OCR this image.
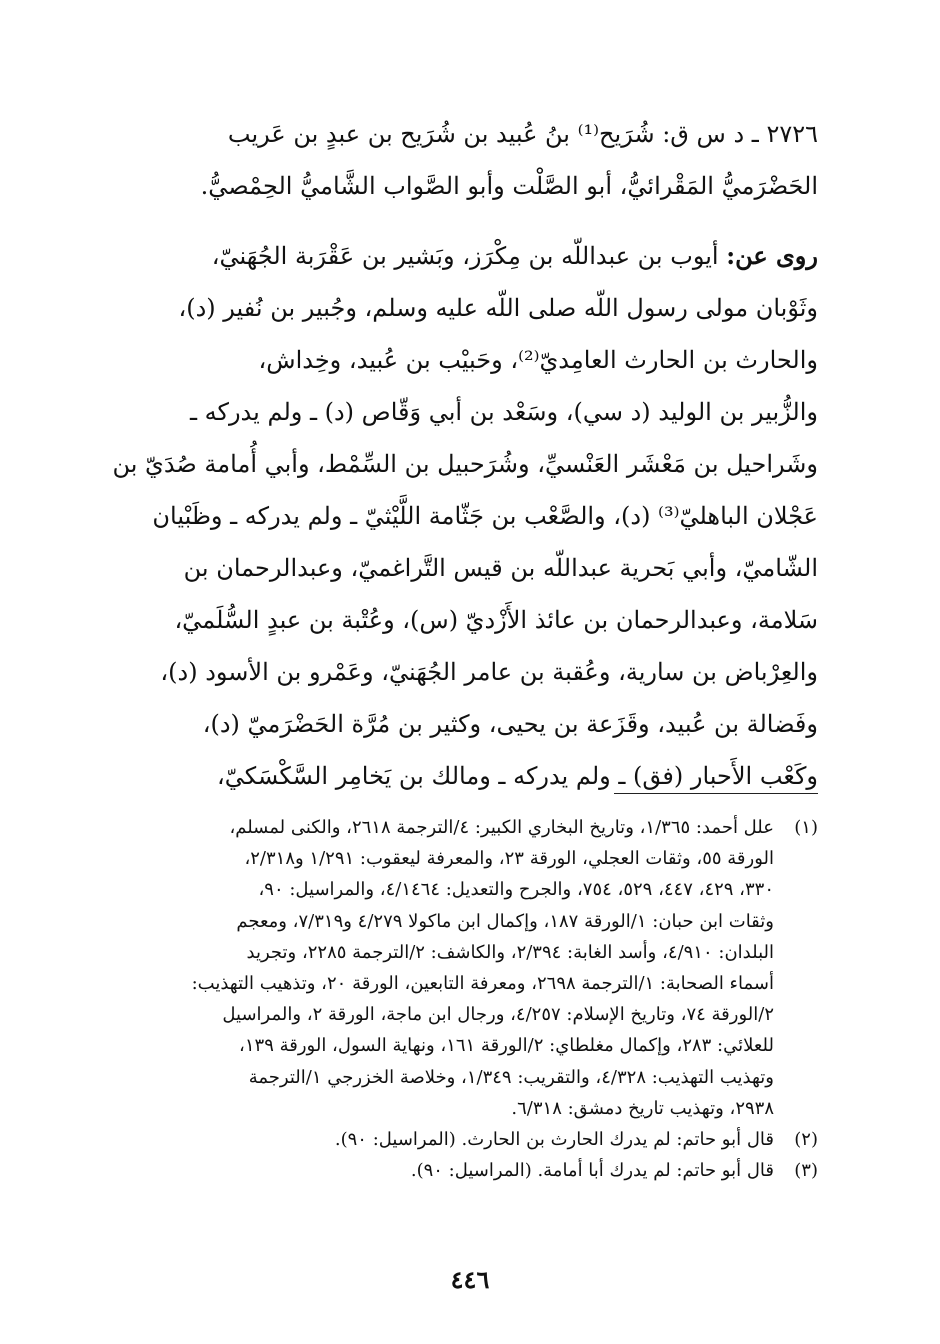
٢٧٢٦ ـ د س ق: شُرَيح⁽¹⁾ بنُ عُبيد بن شُرَيح بن عبدٍ بن عَريب
الحَضْرَميُّ المَقْرائيُّ، أبو الصَّلْت وأبو الصَّواب الشَّاميُّ الحِمْصيُّ.
روى عن: أيوب بن عبداللّه بن مِكْرَز، وبَشير بن عَقْرَبة الجُهَنيّ،
وثَوْبان مولى رسول اللّه صلى اللّه عليه وسلم، وجُبير بن نُفير (د)،
والحارث بن الحارث العامِديّ⁽²⁾، وحَبيْب بن عُبيد، وخِداش،
والزُّبير بن الوليد (د سي)، وسَعْد بن أبي وَقّاص (د) ـ ولم يدركه ـ
وشَراحيل بن مَعْشَر العَنْسيِّ، وشُرَحبيل بن السِّمْط، وأبي أُمامة صُدَيّ بن
عَجْلان الباهليّ⁽³⁾ (د)، والصَّعْب بن جَثّامة اللَّيْثيّ ـ ولم يدركه ـ وظَبْيان
الشّاميّ، وأبي بَحرية عبداللّه بن قيس التَّراغميّ، وعبدالرحمان بن
سَلامة، وعبدالرحمان بن عائذ الأَزْديّ (س)، وعُتْبة بن عبدٍ السُّلَميّ،
والعِرْباض بن سارية، وعُقبة بن عامر الجُهَنيّ، وعَمْرو بن الأسود (د)،
وفَضالة بن عُبيد، وقَزَعة بن يحيى، وكثير بن مُرَّة الحَضْرَميّ (د)،
وكَعْب الأَحبار (فق) ـ ولم يدركه ـ ومالك بن يَخامِر السَّكْسَكيّ،
(١)علل أحمد: ١/٣٦٥، وتاريخ البخاري الكبير: ٤/الترجمة ٢٦١٨، والكنى لمسلم،
الورقة ٥٥، وثقات العجلي، الورقة ٢٣، والمعرفة ليعقوب: ١/٢٩١ و٢/٣١٨،
٣٣٠، ٤٢٩، ٤٤٧، ٥٢٩، ٧٥٤، والجرح والتعديل: ٤/١٤٦٤، والمراسيل: ٩٠،
وثقات ابن حبان: ١/الورقة ١٨٧، وإكمال ابن ماكولا ٤/٢٧٩ و٧/٣١٩، ومعجم
البلدان: ٤/٩١٠، وأسد الغابة: ٢/٣٩٤، والكاشف: ٢/الترجمة ٢٢٨٥، وتجريد
أسماء الصحابة: ١/الترجمة ٢٦٩٨، ومعرفة التابعين، الورقة ٢٠، وتذهيب التهذيب:
٢/الورقة ٧٤، وتاريخ الإسلام: ٤/٢٥٧، ورجال ابن ماجة، الورقة ٢، والمراسيل
للعلائي: ٢٨٣، وإكمال مغلطاي: ٢/الورقة ١٦١، ونهاية السول، الورقة ١٣٩،
وتهذيب التهذيب: ٤/٣٢٨، والتقريب: ١/٣٤٩، وخلاصة الخزرجي ١/الترجمة
٢٩٣٨، وتهذيب تاريخ دمشق: ٦/٣١٨.
(٢)قال أبو حاتم: لم يدرك الحارث بن الحارث. (المراسيل: ٩٠).
(٣)قال أبو حاتم: لم يدرك أبا أمامة. (المراسيل: ٩٠).
٤٤٦
